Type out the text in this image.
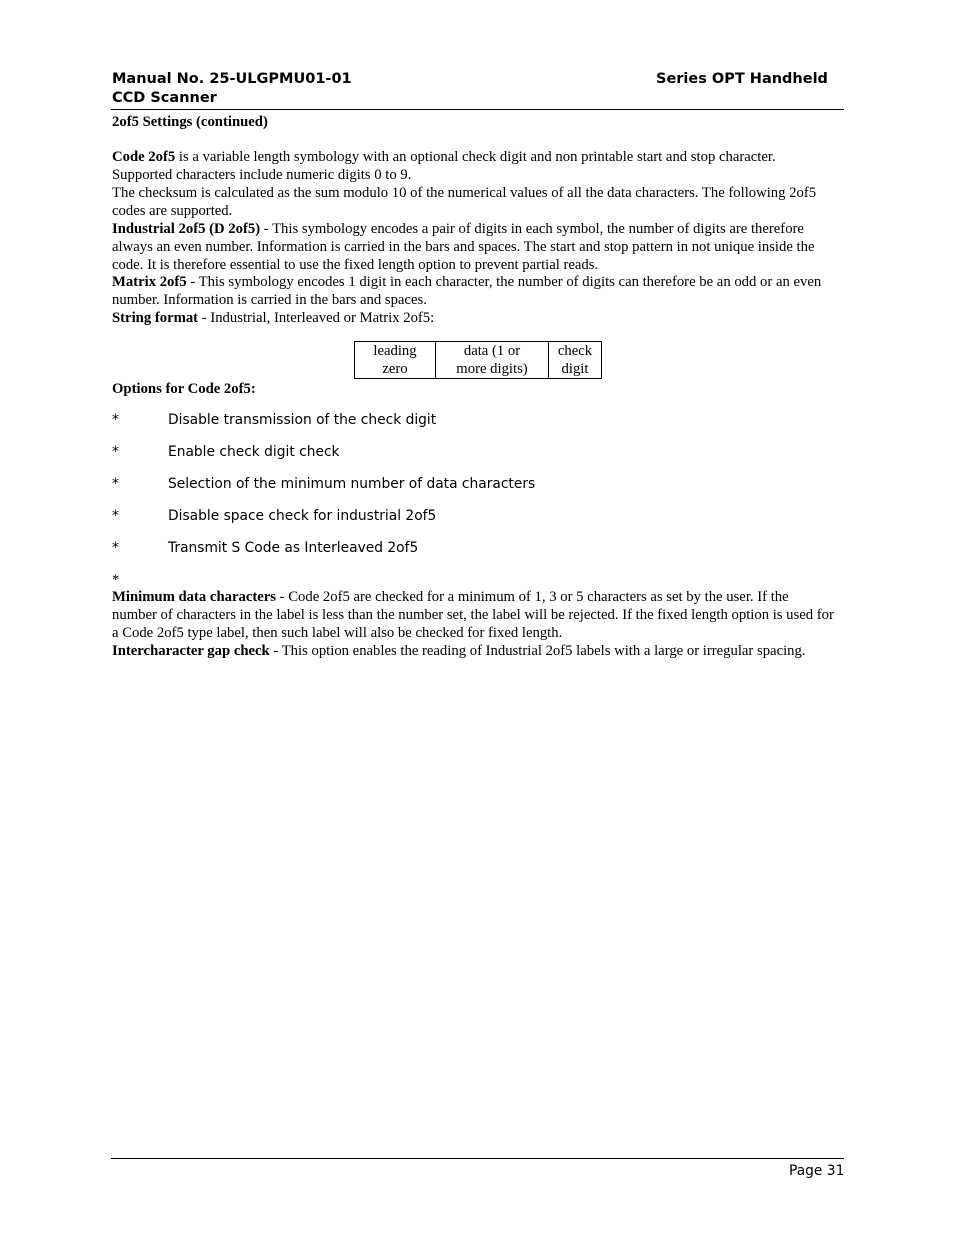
Manual No. 25-ULGPMU01-01
CCD Scanner
Series OPT Handheld
2of5 Settings (continued)

Code 2of5 is a variable length symbology with an optional check digit and non printable start and stop character. Supported characters include numeric digits 0 to 9.

The checksum is calculated as the sum modulo 10 of the numerical values of all the data characters. The following 2of5 codes are supported.

Industrial 2of5 (D 2of5) - This symbology encodes a pair of digits in each symbol, the number of digits are therefore always an even number. Information is carried in the bars and spaces. The start and stop pattern in not unique inside the code. It is therefore essential to use the fixed length option to prevent partial reads.

Matrix 2of5 - This symbology encodes 1 digit in each character, the number of digits can therefore be an odd or an even number. Information is carried in the bars and spaces.

String format - Industrial, Interleaved or Matrix 2of5:

leading
zero

data (1 or
more digits)

check
digit
Options for Code 2of5:
*	Disable transmission of the check digit
*	Enable check digit check
*	Selection of the minimum number of data characters
*	Disable space check for industrial 2of5
*	Transmit S Code as Interleaved 2of5
*

Minimum data characters - Code 2of5 are checked for a minimum of 1, 3 or 5 characters as set by the user. If the number of characters in the label is less than the number set, the label will be rejected. If the fixed length option is used for a Code 2of5 type label, then such label will also be checked for fixed length.

Intercharacter gap check - This option enables the reading of Industrial 2of5 labels with a large or irregular spacing.

Page 31
